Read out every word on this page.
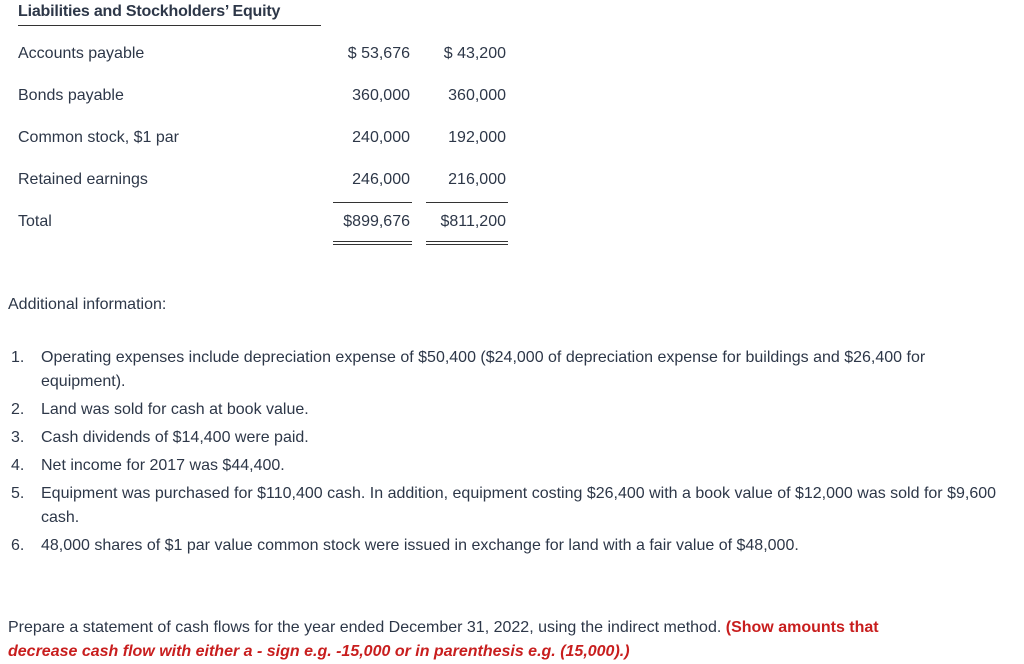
Liabilities and Stockholders’ Equity
Accounts payable	$ 53,676	$ 43,200
Bonds payable	360,000	360,000
Common stock, $1 par	240,000	192,000
Retained earnings	246,000	216,000
Total	$899,676	$811,200
Additional information:
1. Operating expenses include depreciation expense of $50,400 ($24,000 of depreciation expense for buildings and $26,400 for equipment).
2. Land was sold for cash at book value.
3. Cash dividends of $14,400 were paid.
4. Net income for 2017 was $44,400.
5. Equipment was purchased for $110,400 cash. In addition, equipment costing $26,400 with a book value of $12,000 was sold for $9,600 cash.
6. 48,000 shares of $1 par value common stock were issued in exchange for land with a fair value of $48,000.
Prepare a statement of cash flows for the year ended December 31, 2022, using the indirect method. (Show amounts that
decrease cash flow with either a - sign e.g. -15,000 or in parenthesis e.g. (15,000).)
